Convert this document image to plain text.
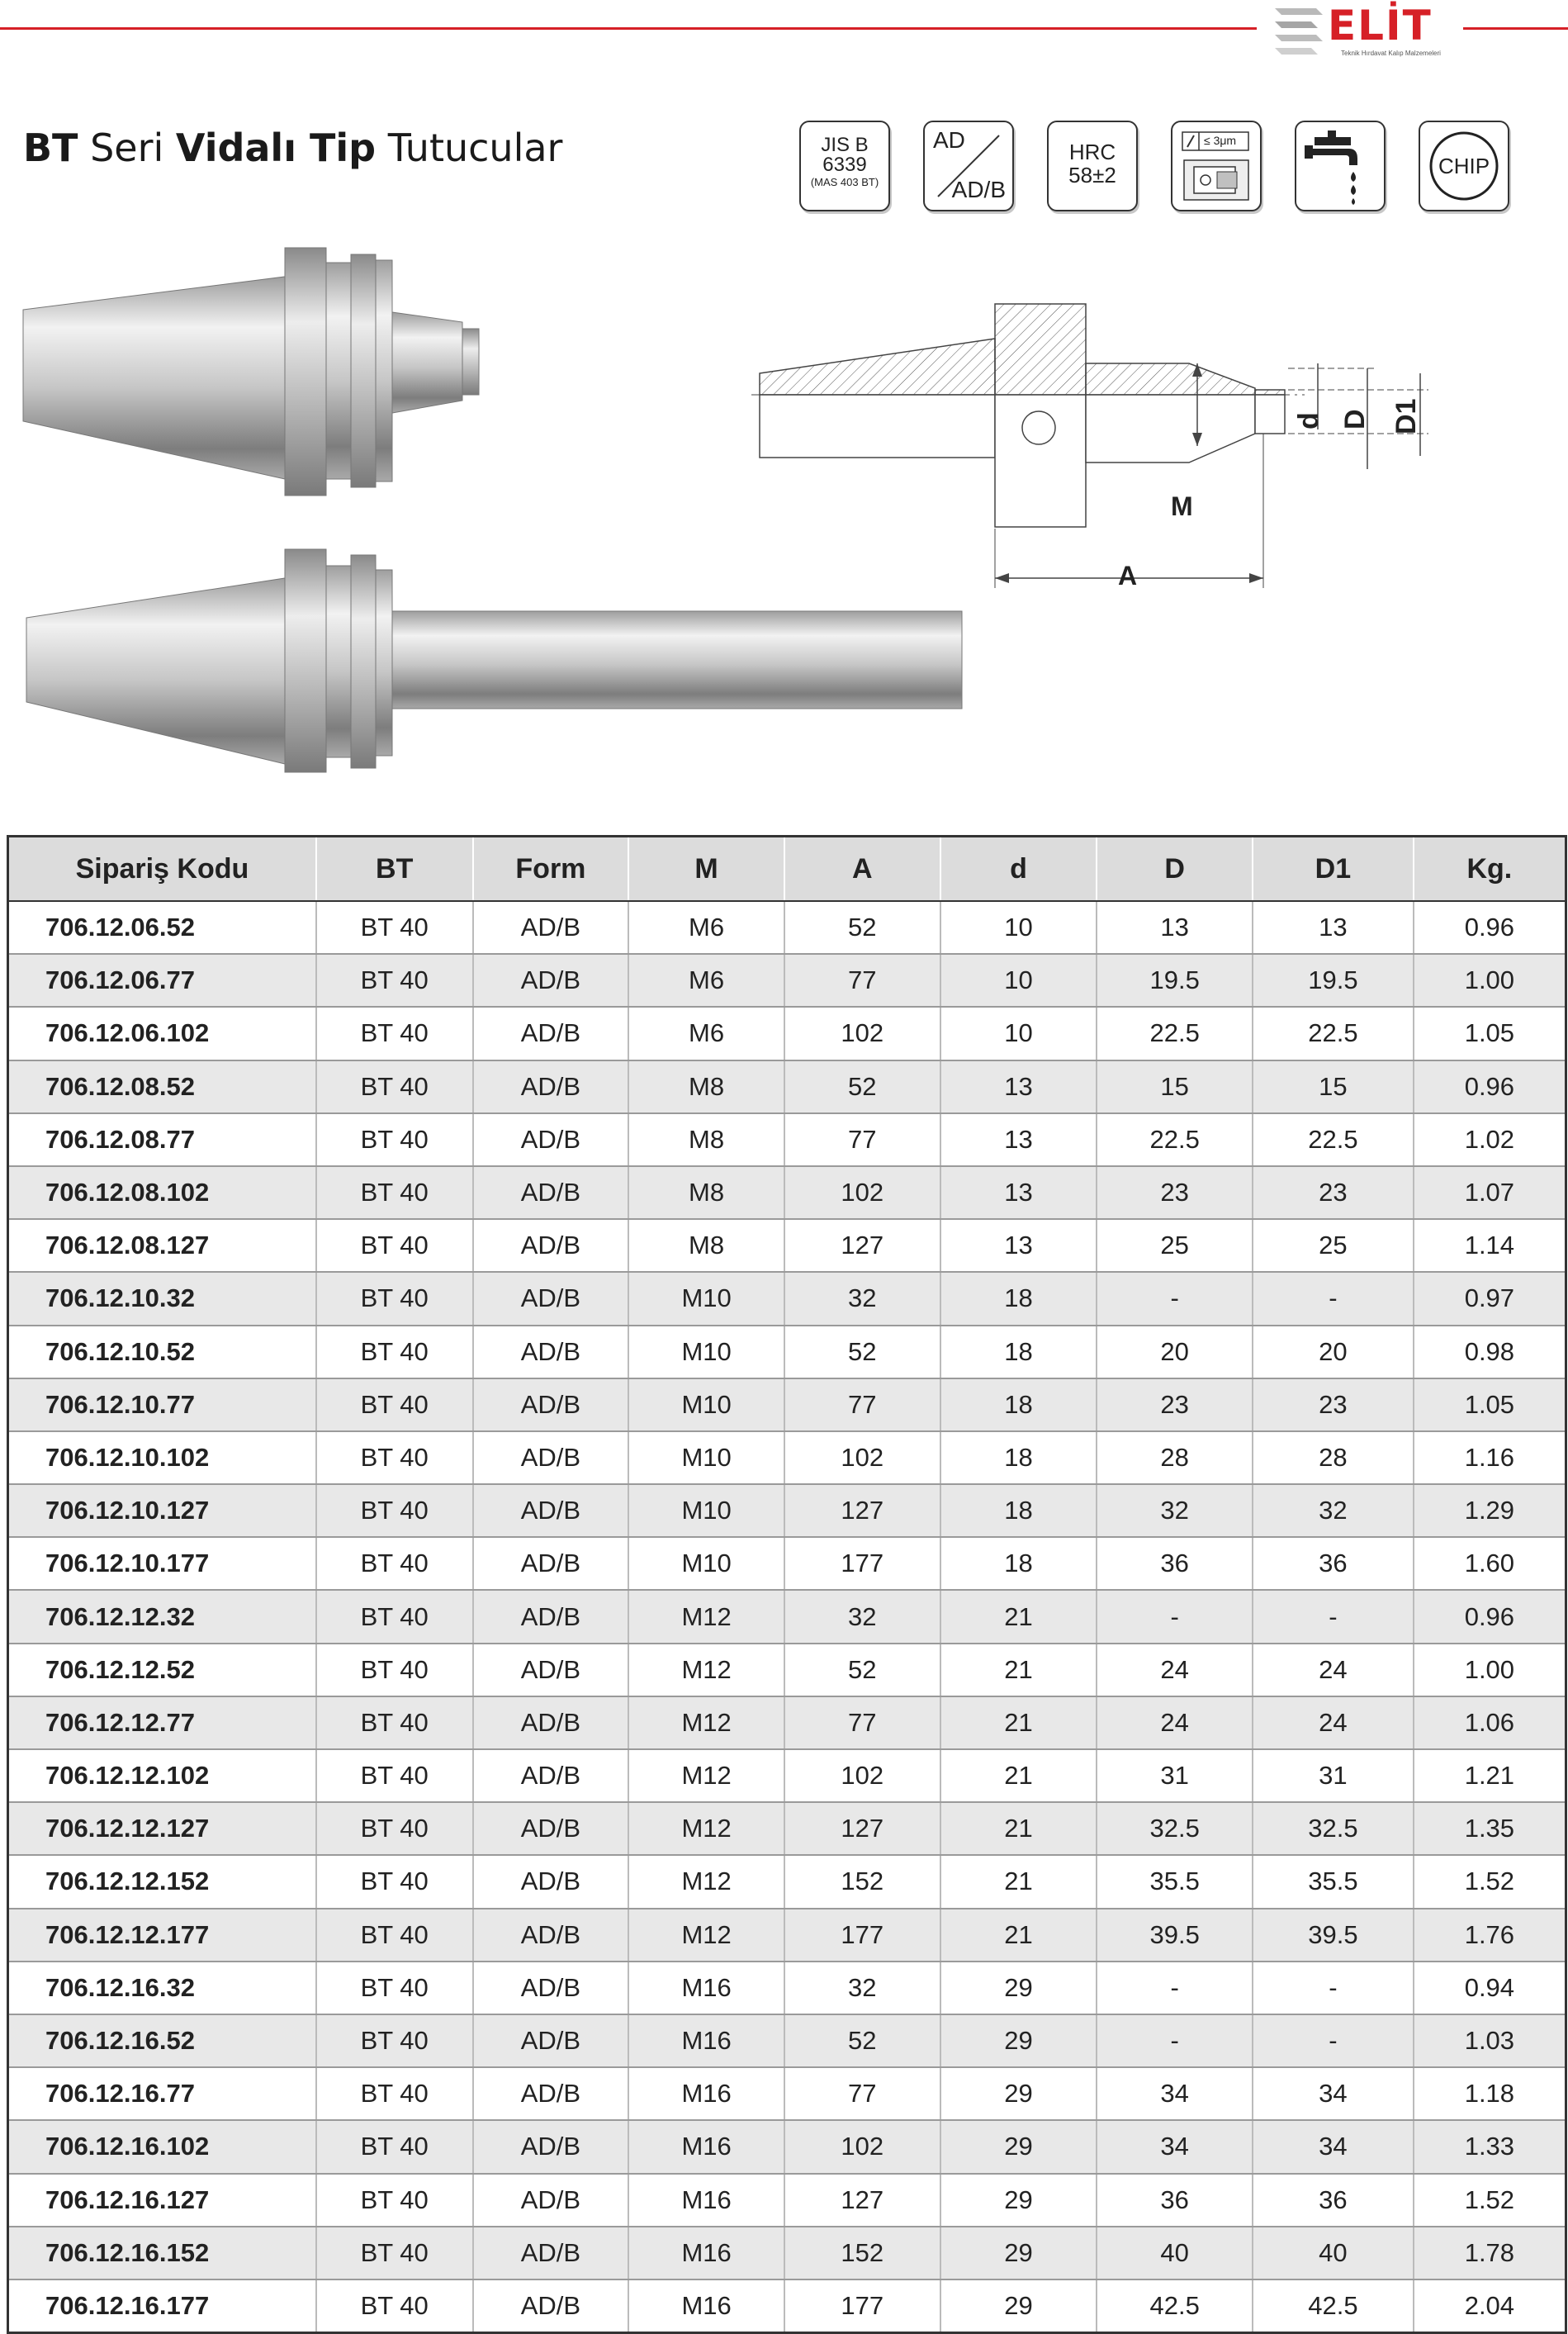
ELİT
Teknik Hırdavat Kalıp Malzemeleri
BT Seri Vidalı Tip Tutucular	JIS B
6339
(MAS 403 BT)
AD
AD/B
HRC
58±2
≤ 3μm
CHIP
d D D1
M
A
Sipariş Kodu	BT	Form	M	A	d	D	D1	Kg.
706.12.06.52	BT 40	AD/B	M6	52	10	13	13	0.96
706.12.06.77	BT 40	AD/B	M6	77	10	19.5	19.5	1.00
706.12.06.102	BT 40	AD/B	M6	102	10	22.5	22.5	1.05
706.12.08.52	BT 40	AD/B	M8	52	13	15	15	0.96
706.12.08.77	BT 40	AD/B	M8	77	13	22.5	22.5	1.02
706.12.08.102	BT 40	AD/B	M8	102	13	23	23	1.07
706.12.08.127	BT 40	AD/B	M8	127	13	25	25	1.14
706.12.10.32	BT 40	AD/B	M10	32	18	-	-	0.97
706.12.10.52	BT 40	AD/B	M10	52	18	20	20	0.98
706.12.10.77	BT 40	AD/B	M10	77	18	23	23	1.05
706.12.10.102	BT 40	AD/B	M10	102	18	28	28	1.16
706.12.10.127	BT 40	AD/B	M10	127	18	32	32	1.29
706.12.10.177	BT 40	AD/B	M10	177	18	36	36	1.60
706.12.12.32	BT 40	AD/B	M12	32	21	-	-	0.96
706.12.12.52	BT 40	AD/B	M12	52	21	24	24	1.00
706.12.12.77	BT 40	AD/B	M12	77	21	24	24	1.06
706.12.12.102	BT 40	AD/B	M12	102	21	31	31	1.21
706.12.12.127	BT 40	AD/B	M12	127	21	32.5	32.5	1.35
706.12.12.152	BT 40	AD/B	M12	152	21	35.5	35.5	1.52
706.12.12.177	BT 40	AD/B	M12	177	21	39.5	39.5	1.76
706.12.16.32	BT 40	AD/B	M16	32	29	-	-	0.94
706.12.16.52	BT 40	AD/B	M16	52	29	-	-	1.03
706.12.16.77	BT 40	AD/B	M16	77	29	34	34	1.18
706.12.16.102	BT 40	AD/B	M16	102	29	34	34	1.33
706.12.16.127	BT 40	AD/B	M16	127	29	36	36	1.52
706.12.16.152	BT 40	AD/B	M16	152	29	40	40	1.78
706.12.16.177	BT 40	AD/B	M16	177	29	42.5	42.5	2.04
